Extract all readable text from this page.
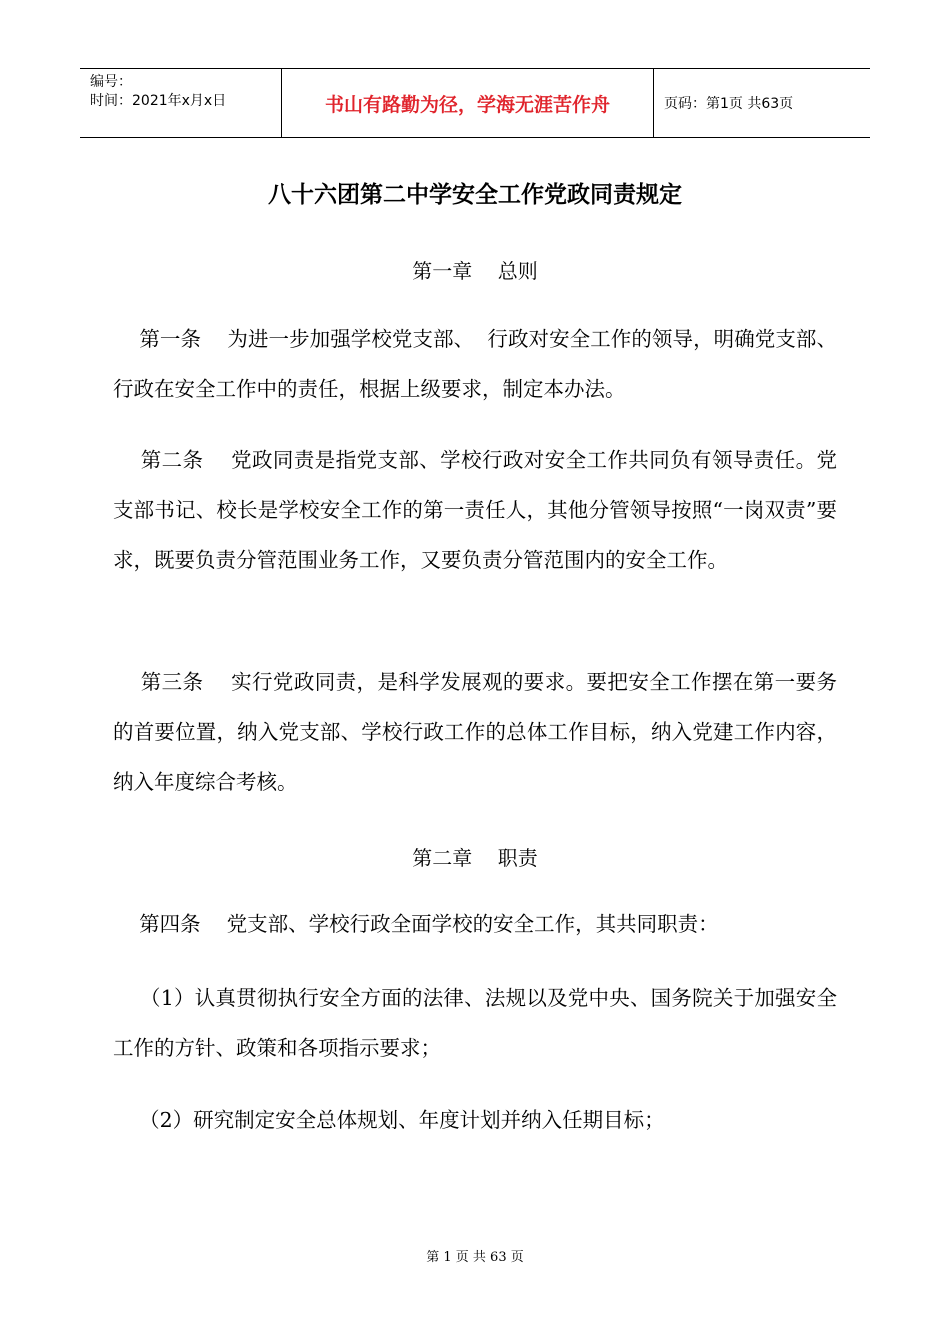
编号：
时间：2021年x月x日	书山有路勤为径，学海无涯苦作舟	页码：第1页 共63页
八十六团第二中学安全工作党政同责规定
第一章    总则
第一条    为进一步加强学校党支部、  行政对安全工作的领导，明确党支部、行政在安全工作中的责任，根据上级要求，制定本办法。
第二条    党政同责是指党支部、学校行政对安全工作共同负有领导责任。党支部书记、校长是学校安全工作的第一责任人，其他分管领导按照“一岗双责”要求，既要负责分管范围业务工作，又要负责分管范围内的安全工作。
第三条    实行党政同责，是科学发展观的要求。要把安全工作摆在第一要务的首要位置，纳入党支部、学校行政工作的总体工作目标，纳入党建工作内容，纳入年度综合考核。
第二章    职责
第四条    党支部、学校行政全面学校的安全工作，其共同职责：
（1）认真贯彻执行安全方面的法律、法规以及党中央、国务院关于加强安全工作的方针、政策和各项指示要求；
（2）研究制定安全总体规划、年度计划并纳入任期目标；
第 1 页 共 63 页
